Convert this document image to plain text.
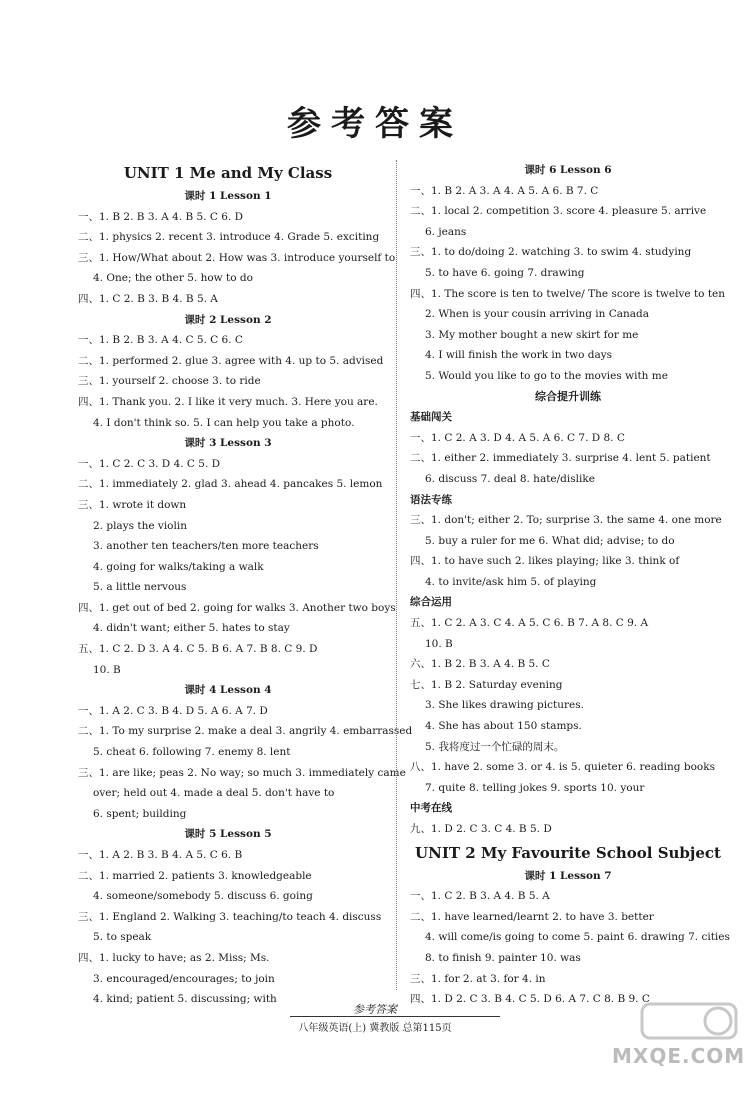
参考答案
UNIT 1 Me and My Class
课时 1 Lesson 1
一、1. B 2. B 3. A 4. B 5. C 6. D
二、1. physics 2. recent 3. introduce 4. Grade 5. exciting
三、1. How/What about 2. How was 3. introduce yourself to
4. One; the other 5. how to do
四、1. C 2. B 3. B 4. B 5. A
课时 2 Lesson 2
一、1. B 2. B 3. A 4. C 5. C 6. C
二、1. performed 2. glue 3. agree with 4. up to 5. advised
三、1. yourself 2. choose 3. to ride
四、1. Thank you. 2. I like it very much. 3. Here you are.
4. I don't think so. 5. I can help you take a photo.
课时 3 Lesson 3
一、1. C 2. C 3. D 4. C 5. D
二、1. immediately 2. glad 3. ahead 4. pancakes 5. lemon
三、1. wrote it down
2. plays the violin
3. another ten teachers/ten more teachers
4. going for walks/taking a walk
5. a little nervous
四、1. get out of bed 2. going for walks 3. Another two boys
4. didn't want; either 5. hates to stay
五、1. C 2. D 3. A 4. C 5. B 6. A 7. B 8. C 9. D
10. B
课时 4 Lesson 4
一、1. A 2. C 3. B 4. D 5. A 6. A 7. D
二、1. To my surprise 2. make a deal 3. angrily 4. embarrassed
5. cheat 6. following 7. enemy 8. lent
三、1. are like; peas 2. No way; so much 3. immediately came
over; held out 4. made a deal 5. don't have to
6. spent; building
课时 5 Lesson 5
一、1. A 2. B 3. B 4. A 5. C 6. B
二、1. married 2. patients 3. knowledgeable
4. someone/somebody 5. discuss 6. going
三、1. England 2. Walking 3. teaching/to teach 4. discuss
5. to speak
四、1. lucky to have; as 2. Miss; Ms.
3. encouraged/encourages; to join
4. kind; patient 5. discussing; with
课时 6 Lesson 6
一、1. B 2. A 3. A 4. A 5. A 6. B 7. C
二、1. local 2. competition 3. score 4. pleasure 5. arrive
6. jeans
三、1. to do/doing 2. watching 3. to swim 4. studying
5. to have 6. going 7. drawing
四、1. The score is ten to twelve/ The score is twelve to ten
2. When is your cousin arriving in Canada
3. My mother bought a new skirt for me
4. I will finish the work in two days
5. Would you like to go to the movies with me
综合提升训练
基础闯关
一、1. C 2. A 3. D 4. A 5. A 6. C 7. D 8. C
二、1. either 2. immediately 3. surprise 4. lent 5. patient
6. discuss 7. deal 8. hate/dislike
语法专练
三、1. don't; either 2. To; surprise 3. the same 4. one more
5. buy a ruler for me 6. What did; advise; to do
四、1. to have such 2. likes playing; like 3. think of
4. to invite/ask him 5. of playing
综合运用
五、1. C 2. A 3. C 4. A 5. C 6. B 7. A 8. C 9. A
10. B
六、1. B 2. B 3. A 4. B 5. C
七、1. B 2. Saturday evening
3. She likes drawing pictures.
4. She has about 150 stamps.
5. 我将度过一个忙碌的周末。
八、1. have 2. some 3. or 4. is 5. quieter 6. reading books
7. quite 8. telling jokes 9. sports 10. your
中考在线
九、1. D 2. C 3. C 4. B 5. D
UNIT 2 My Favourite School Subject
课时 1 Lesson 7
一、1. C 2. B 3. A 4. B 5. A
二、1. have learned/learnt 2. to have 3. better
4. will come/is going to come 5. paint 6. drawing 7. cities
8. to finish 9. painter 10. was
三、1. for 2. at 3. for 4. in
四、1. D 2. C 3. B 4. C 5. D 6. A 7. C 8. B 9. C
参考答案
八年级英语(上) 冀教版 总第115页
MXQE.COM
